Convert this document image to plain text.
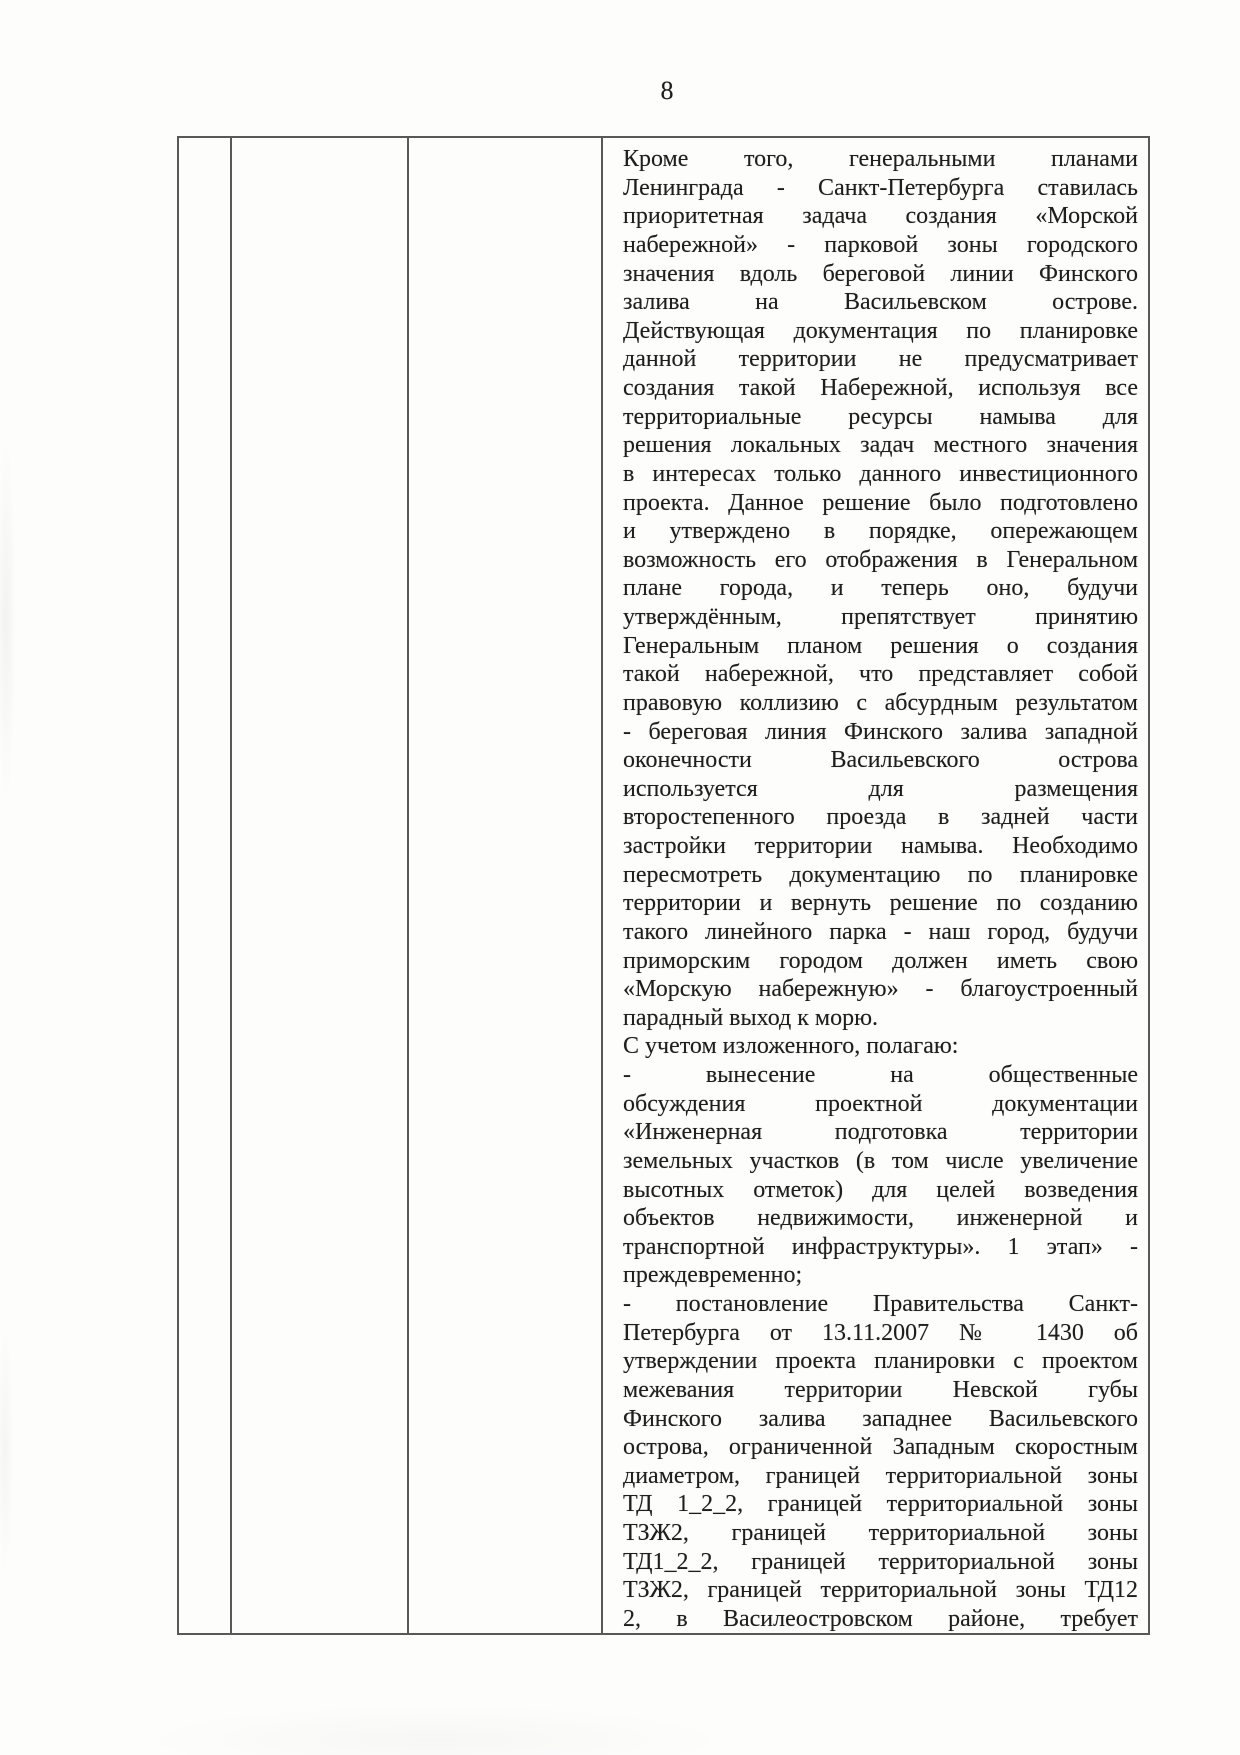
8
Кроме того, генеральными планами
Ленинграда - Санкт-Петербурга ставилась
приоритетная задача создания «Морской
набережной» - парковой зоны городского
значения вдоль береговой линии Финского
залива на Васильевском острове.
Действующая документация по планировке
данной территории не предусматривает
создания такой Набережной, используя все
территориальные ресурсы намыва для
решения локальных задач местного значения
в интересах только данного инвестиционного
проекта. Данное решение было подготовлено
и утверждено в порядке, опережающем
возможность его отображения в Генеральном
плане города, и теперь оно, будучи
утверждённым, препятствует принятию
Генеральным планом решения о создания
такой набережной, что представляет собой
правовую коллизию с абсурдным результатом
- береговая линия Финского залива западной
оконечности Васильевского острова
используется для размещения
второстепенного проезда в задней части
застройки территории намыва. Необходимо
пересмотреть документацию по планировке
территории и вернуть решение по созданию
такого линейного парка - наш город, будучи
приморским городом должен иметь свою
«Морскую набережную» - благоустроенный
парадный выход к морю.
С учетом изложенного, полагаю:
- вынесение на общественные
обсуждения проектной документации
«Инженерная подготовка территории
земельных участков (в том числе увеличение
высотных отметок) для целей возведения
объектов недвижимости, инженерной и
транспортной инфраструктуры». 1 этап» -
преждевременно;
- постановление Правительства Санкт-
Петербурга от 13.11.2007 № 1430 об
утверждении проекта планировки с проектом
межевания территории Невской губы
Финского залива западнее Васильевского
острова, ограниченной Западным скоростным
диаметром, границей территориальной зоны
ТД 1_2_2, границей территориальной зоны
ТЗЖ2, границей территориальной зоны
ТД1_2_2, границей территориальной зоны
ТЗЖ2, границей территориальной зоны ТД12
2, в Василеостровском районе, требует
